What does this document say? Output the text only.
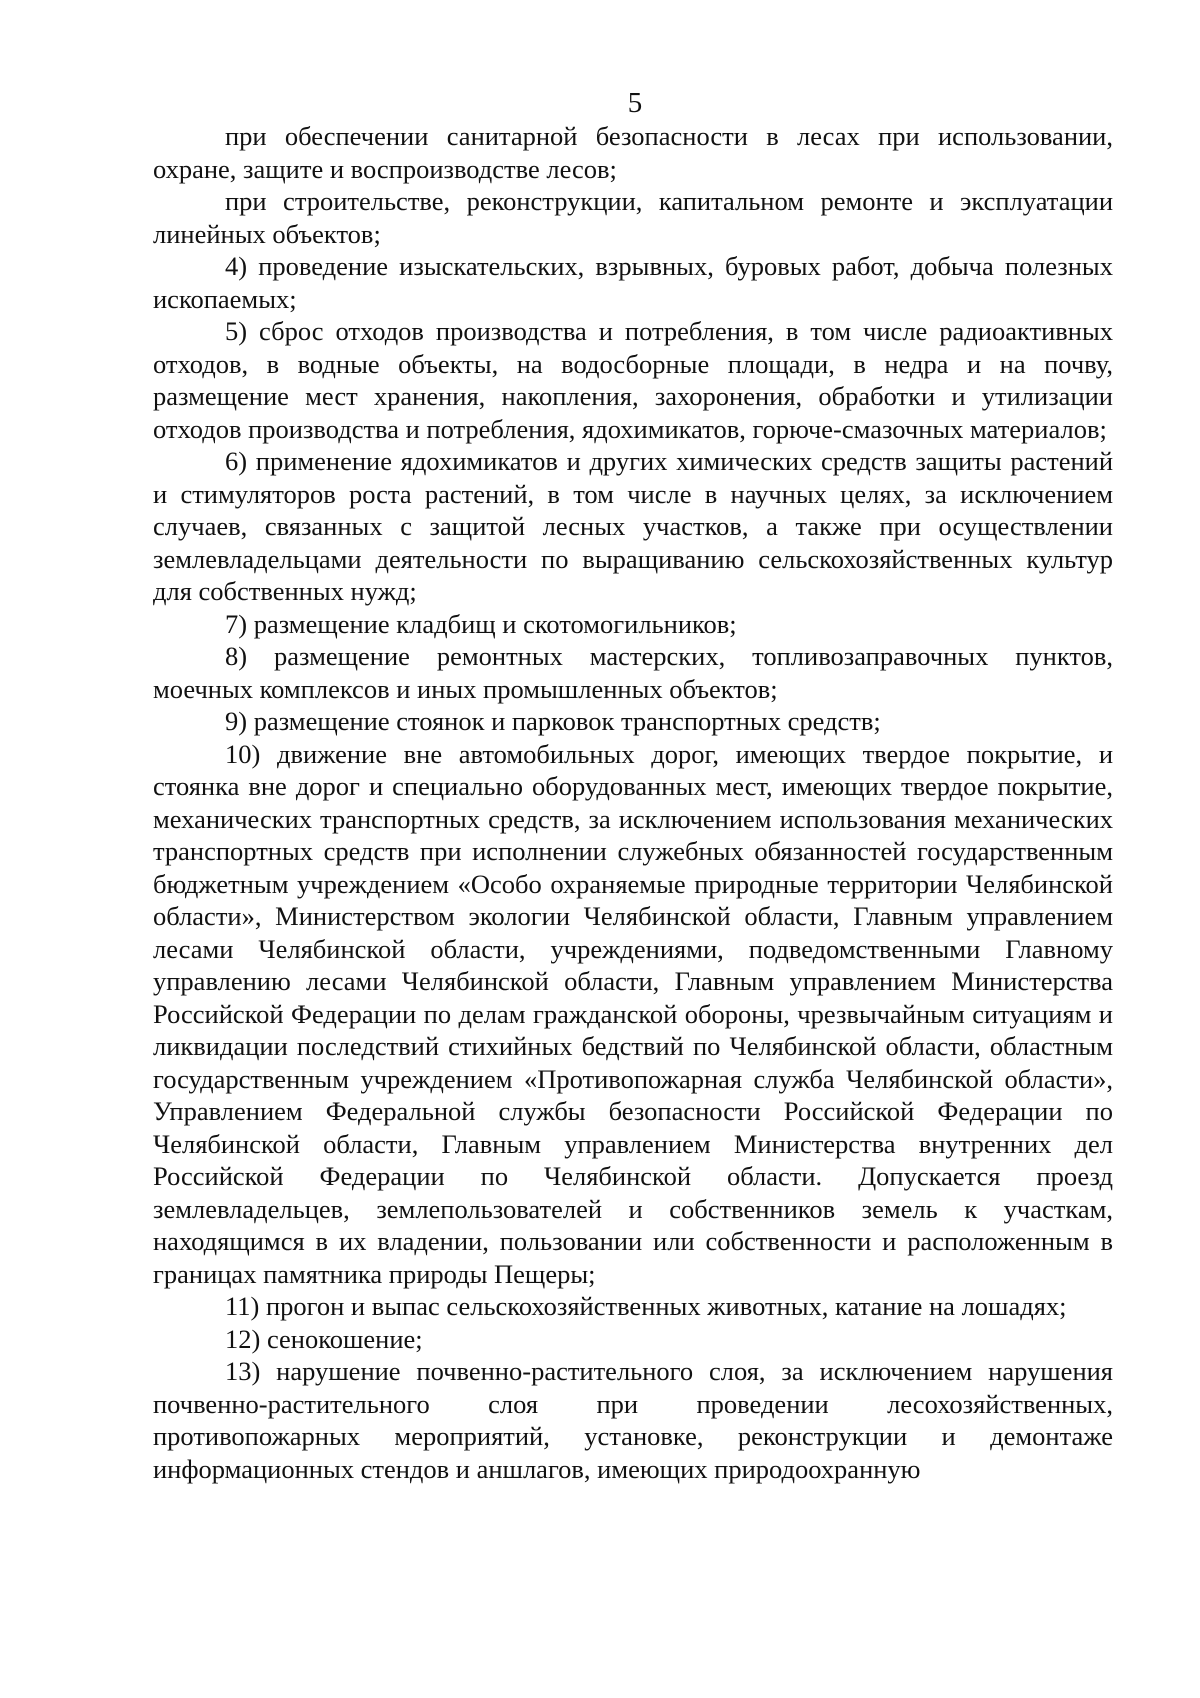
5

при обеспечении санитарной безопасности в лесах при использовании, охране, защите и воспроизводстве лесов;

при строительстве, реконструкции, капитальном ремонте и эксплуатации линейных объектов;

4) проведение изыскательских, взрывных, буровых работ, добыча полезных ископаемых;

5) сброс отходов производства и потребления, в том числе радиоактивных отходов, в водные объекты, на водосборные площади, в недра и на почву, размещение мест хранения, накопления, захоронения, обработки и утилизации отходов производства и потребления, ядохимикатов, горюче-смазочных материалов;

6) применение ядохимикатов и других химических средств защиты растений и стимуляторов роста растений, в том числе в научных целях, за исключением случаев, связанных с защитой лесных участков, а также при осуществлении землевладельцами деятельности по выращиванию сельскохозяйственных культур для собственных нужд;

7) размещение кладбищ и скотомогильников;

8) размещение ремонтных мастерских, топливозаправочных пунктов, моечных комплексов и иных промышленных объектов;

9) размещение стоянок и парковок транспортных средств;

10) движение вне автомобильных дорог, имеющих твердое покрытие, и стоянка вне дорог и специально оборудованных мест, имеющих твердое покрытие, механических транспортных средств, за исключением использования механических транспортных средств при исполнении служебных обязанностей государственным бюджетным учреждением «Особо охраняемые природные территории Челябинской области», Министерством экологии Челябинской области, Главным управлением лесами Челябинской области, учреждениями, подведомственными Главному управлению лесами Челябинской области, Главным управлением Министерства Российской Федерации по делам гражданской обороны, чрезвычайным ситуациям и ликвидации последствий стихийных бедствий по Челябинской области, областным государственным учреждением «Противопожарная служба Челябинской области», Управлением Федеральной службы безопасности Российской Федерации по Челябинской области, Главным управлением Министерства внутренних дел Российской Федерации по Челябинской области. Допускается проезд землевладельцев, землепользователей и собственников земель к участкам, находящимся в их владении, пользовании или собственности и расположенным в границах памятника природы Пещеры;

11) прогон и выпас сельскохозяйственных животных, катание на лошадях;

12) сенокошение;

13) нарушение почвенно-растительного слоя, за исключением нарушения почвенно-растительного слоя при проведении лесохозяйственных, противопожарных мероприятий, установке, реконструкции и демонтаже информационных стендов и аншлагов, имеющих природоохранную
